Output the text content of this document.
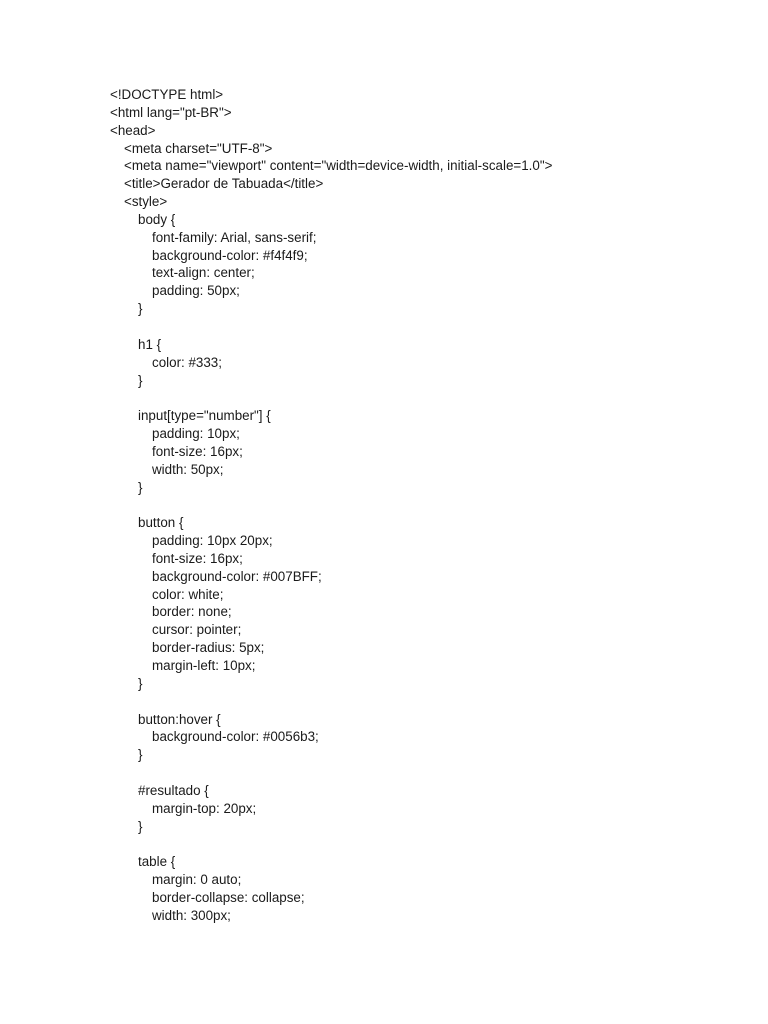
<!DOCTYPE html>
<html lang="pt-BR">
<head>
<meta charset="UTF-8">
<meta name="viewport" content="width=device-width, initial-scale=1.0">
<title>Gerador de Tabuada</title>
<style>
body {
font-family: Arial, sans-serif;
background-color: #f4f4f9;
text-align: center;
padding: 50px;
}
h1 {
color: #333;
}
input[type="number"] {
padding: 10px;
font-size: 16px;
width: 50px;
}
button {
padding: 10px 20px;
font-size: 16px;
background-color: #007BFF;
color: white;
border: none;
cursor: pointer;
border-radius: 5px;
margin-left: 10px;
}
button:hover {
background-color: #0056b3;
}
#resultado {
margin-top: 20px;
}
table {
margin: 0 auto;
border-collapse: collapse;
width: 300px;
